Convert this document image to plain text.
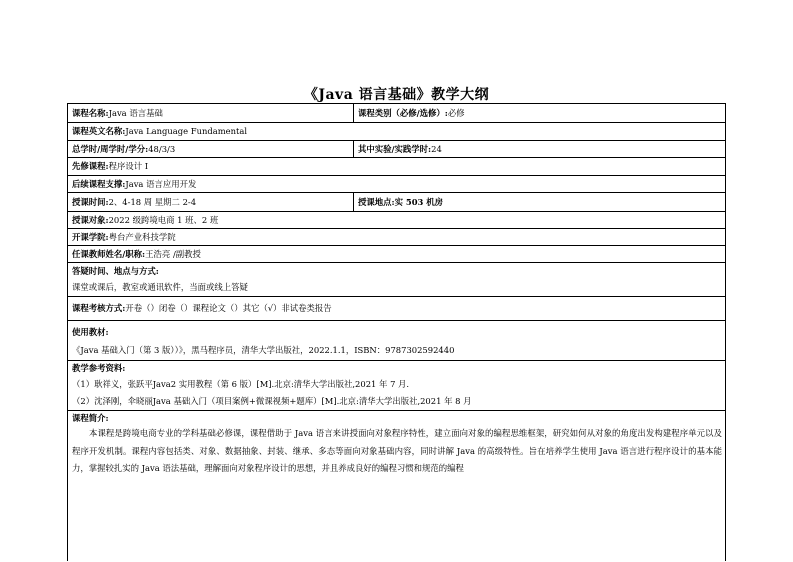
《Java 语言基础》教学大纲
课程名称:Java 语言基础	课程类别（必修/选修）:必修
课程英文名称:Java Language Fundamental
总学时/周学时/学分:48/3/3	其中实验/实践学时:24
先修课程:程序设计 I
后续课程支撑:Java 语言应用开发
授课时间:2、4-18 周 星期二 2-4	授课地点:实 503 机房
授课对象:2022 级跨境电商 1 班、2 班
开课学院:粤台产业科技学院
任课教师姓名/职称:王浩亮 /副教授
答疑时间、地点与方式:
课堂或课后，教室或通讯软件，当面或线上答疑
课程考核方式:开卷（）闭卷（）课程论文（）其它（√）非试卷类报告
使用教材:
《Java 基础入门（第 3 版））》，黑马程序员，清华大学出版社，2022.1.1，ISBN：9787302592440
教学参考资料:
（1）耿祥义，张跃平Java2 实用教程（第 6 版）[M].北京:清华大学出版社,2021 年 7 月.
（2）沈泽刚，伞晓丽Java 基础入门（项目案例+微课视频+题库）[M].北京:清华大学出版社,2021 年 8 月
课程简介:
本课程是跨境电商专业的学科基础必修课，课程借助于 Java 语言来讲授面向对象程序特性，建立面向对象的编程思维框架，研究如何从对象的角度出发构建程序单元以及程序开发机制。课程内容包括类、对象、数据抽象、封装、继承、多态等面向对象基础内容，同时讲解 Java 的高级特性。旨在培养学生使用 Java 语言进行程序设计的基本能力，掌握较扎实的 Java 语法基础，理解面向对象程序设计的思想，并且养成良好的编程习惯和规范的编程
